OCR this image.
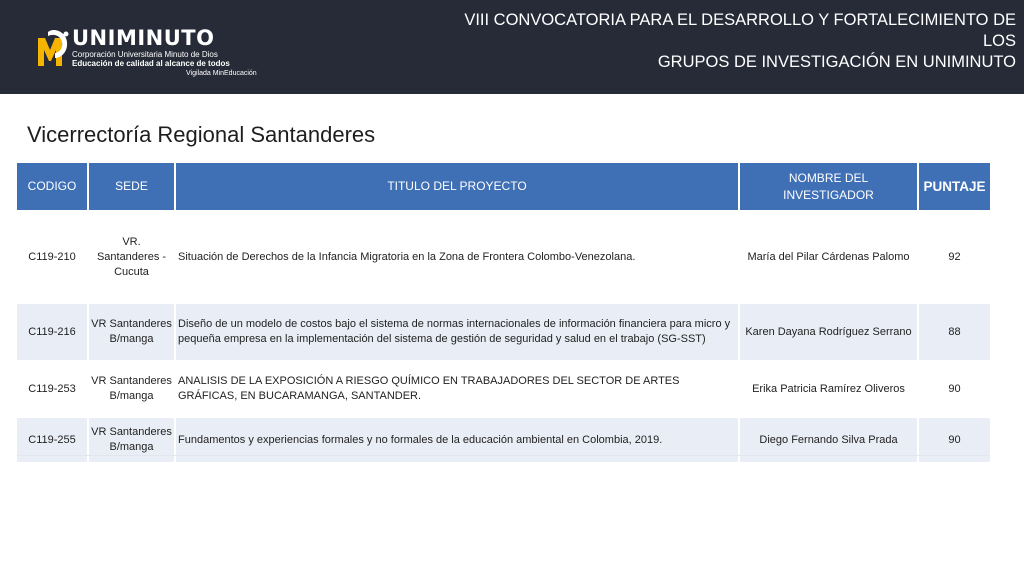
UNIMINUTO
Corporación Universitaria Minuto de Dios
Educación de calidad al alcance de todos
Vigilada MinEducación
VIII CONVOCATORIA PARA EL DESARROLLO Y FORTALECIMIENTO DE LOS
GRUPOS DE INVESTIGACIÓN EN UNIMINUTO
Vicerrectoría Regional Santanderes
CODIGO	SEDE	TITULO DEL PROYECTO	NOMBRE DEL INVESTIGADOR	PUNTAJE
C119-210	VR. Santanderes - Cucuta	Situación de Derechos de la Infancia Migratoria en la Zona de Frontera Colombo-Venezolana.	María del Pilar Cárdenas Palomo	92
C119-216	VR Santanderes B/manga	Diseño de un modelo de costos bajo el sistema de normas internacionales de información financiera para micro y pequeña empresa en la implementación del sistema de gestión de seguridad y salud en el trabajo (SG-SST)	Karen Dayana Rodríguez Serrano	88
C119-253	VR Santanderes B/manga	ANALISIS DE LA EXPOSICIÓN A RIESGO QUÍMICO EN TRABAJADORES DEL SECTOR DE ARTES GRÁFICAS, EN BUCARAMANGA, SANTANDER.	Erika Patricia Ramírez Oliveros	90
C119-255	VR Santanderes B/manga	Fundamentos y experiencias formales y no formales de la educación ambiental en Colombia, 2019.	Diego Fernando Silva Prada	90
